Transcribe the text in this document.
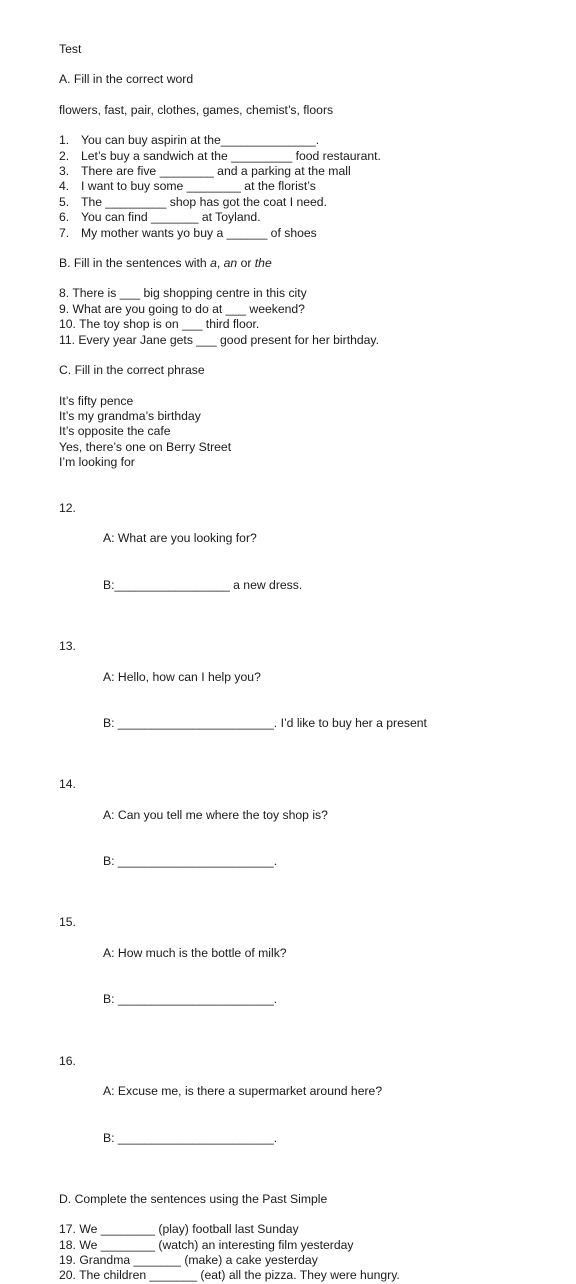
Test
A. Fill in the correct word
flowers, fast, pair, clothes, games, chemist’s, floors
1. You can buy aspirin at the______________.
2. Let’s buy a sandwich at the _________ food restaurant.
3. There are five ________ and a parking at the mall
4. I want to buy some ________ at the florist’s
5. The _________ shop has got the coat I need.
6. You can find _______ at Toyland.
7. My mother wants yo buy a ______ of shoes
B. Fill in the sentences with a, an or the
8. There is ___ big shopping centre in this city
9. What are you going to do at ___ weekend?
10. The toy shop is on ___ third floor.
11. Every year Jane gets ___ good present for her birthday.
C. Fill in the correct phrase
It’s fifty pence
It’s my grandma’s birthday
It’s opposite the cafe
Yes, there’s one on Berry Street
I’m looking for
12.

A: What are you looking for?

B:_________________ a new dress.

13.

A: Hello, how can I help you?

B: _______________________. I’d like to buy her a present

14.

A: Can you tell me where the toy shop is?

B: _______________________.

15.

A: How much is the bottle of milk?

B: _______________________.

16.

A: Excuse me, is there a supermarket around here?

B: _______________________.

D. Complete the sentences using the Past Simple
17. We ________ (play) football last Sunday
18. We ________ (watch) an interesting film yesterday
19. Grandma _______ (make) a cake yesterday
20. The children _______ (eat) all the pizza. They were hungry.
